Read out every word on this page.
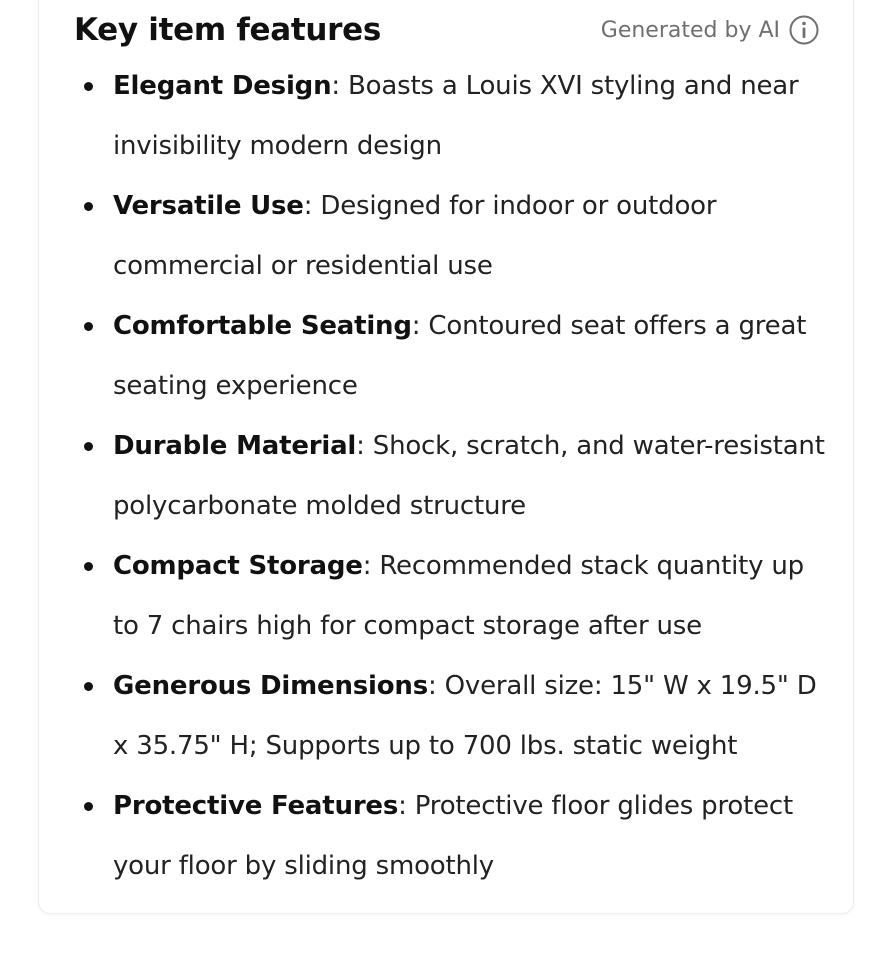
Key item features	Generated by AI
Elegant Design: Boasts a Louis XVI styling and near invisibility modern design
Versatile Use: Designed for indoor or outdoor commercial or residential use
Comfortable Seating: Contoured seat offers a great seating experience
Durable Material: Shock, scratch, and water-resistant polycarbonate molded structure
Compact Storage: Recommended stack quantity up to 7 chairs high for compact storage after use
Generous Dimensions: Overall size: 15" W x 19.5" D x 35.75" H; Supports up to 700 lbs. static weight
Protective Features: Protective floor glides protect your floor by sliding smoothly
